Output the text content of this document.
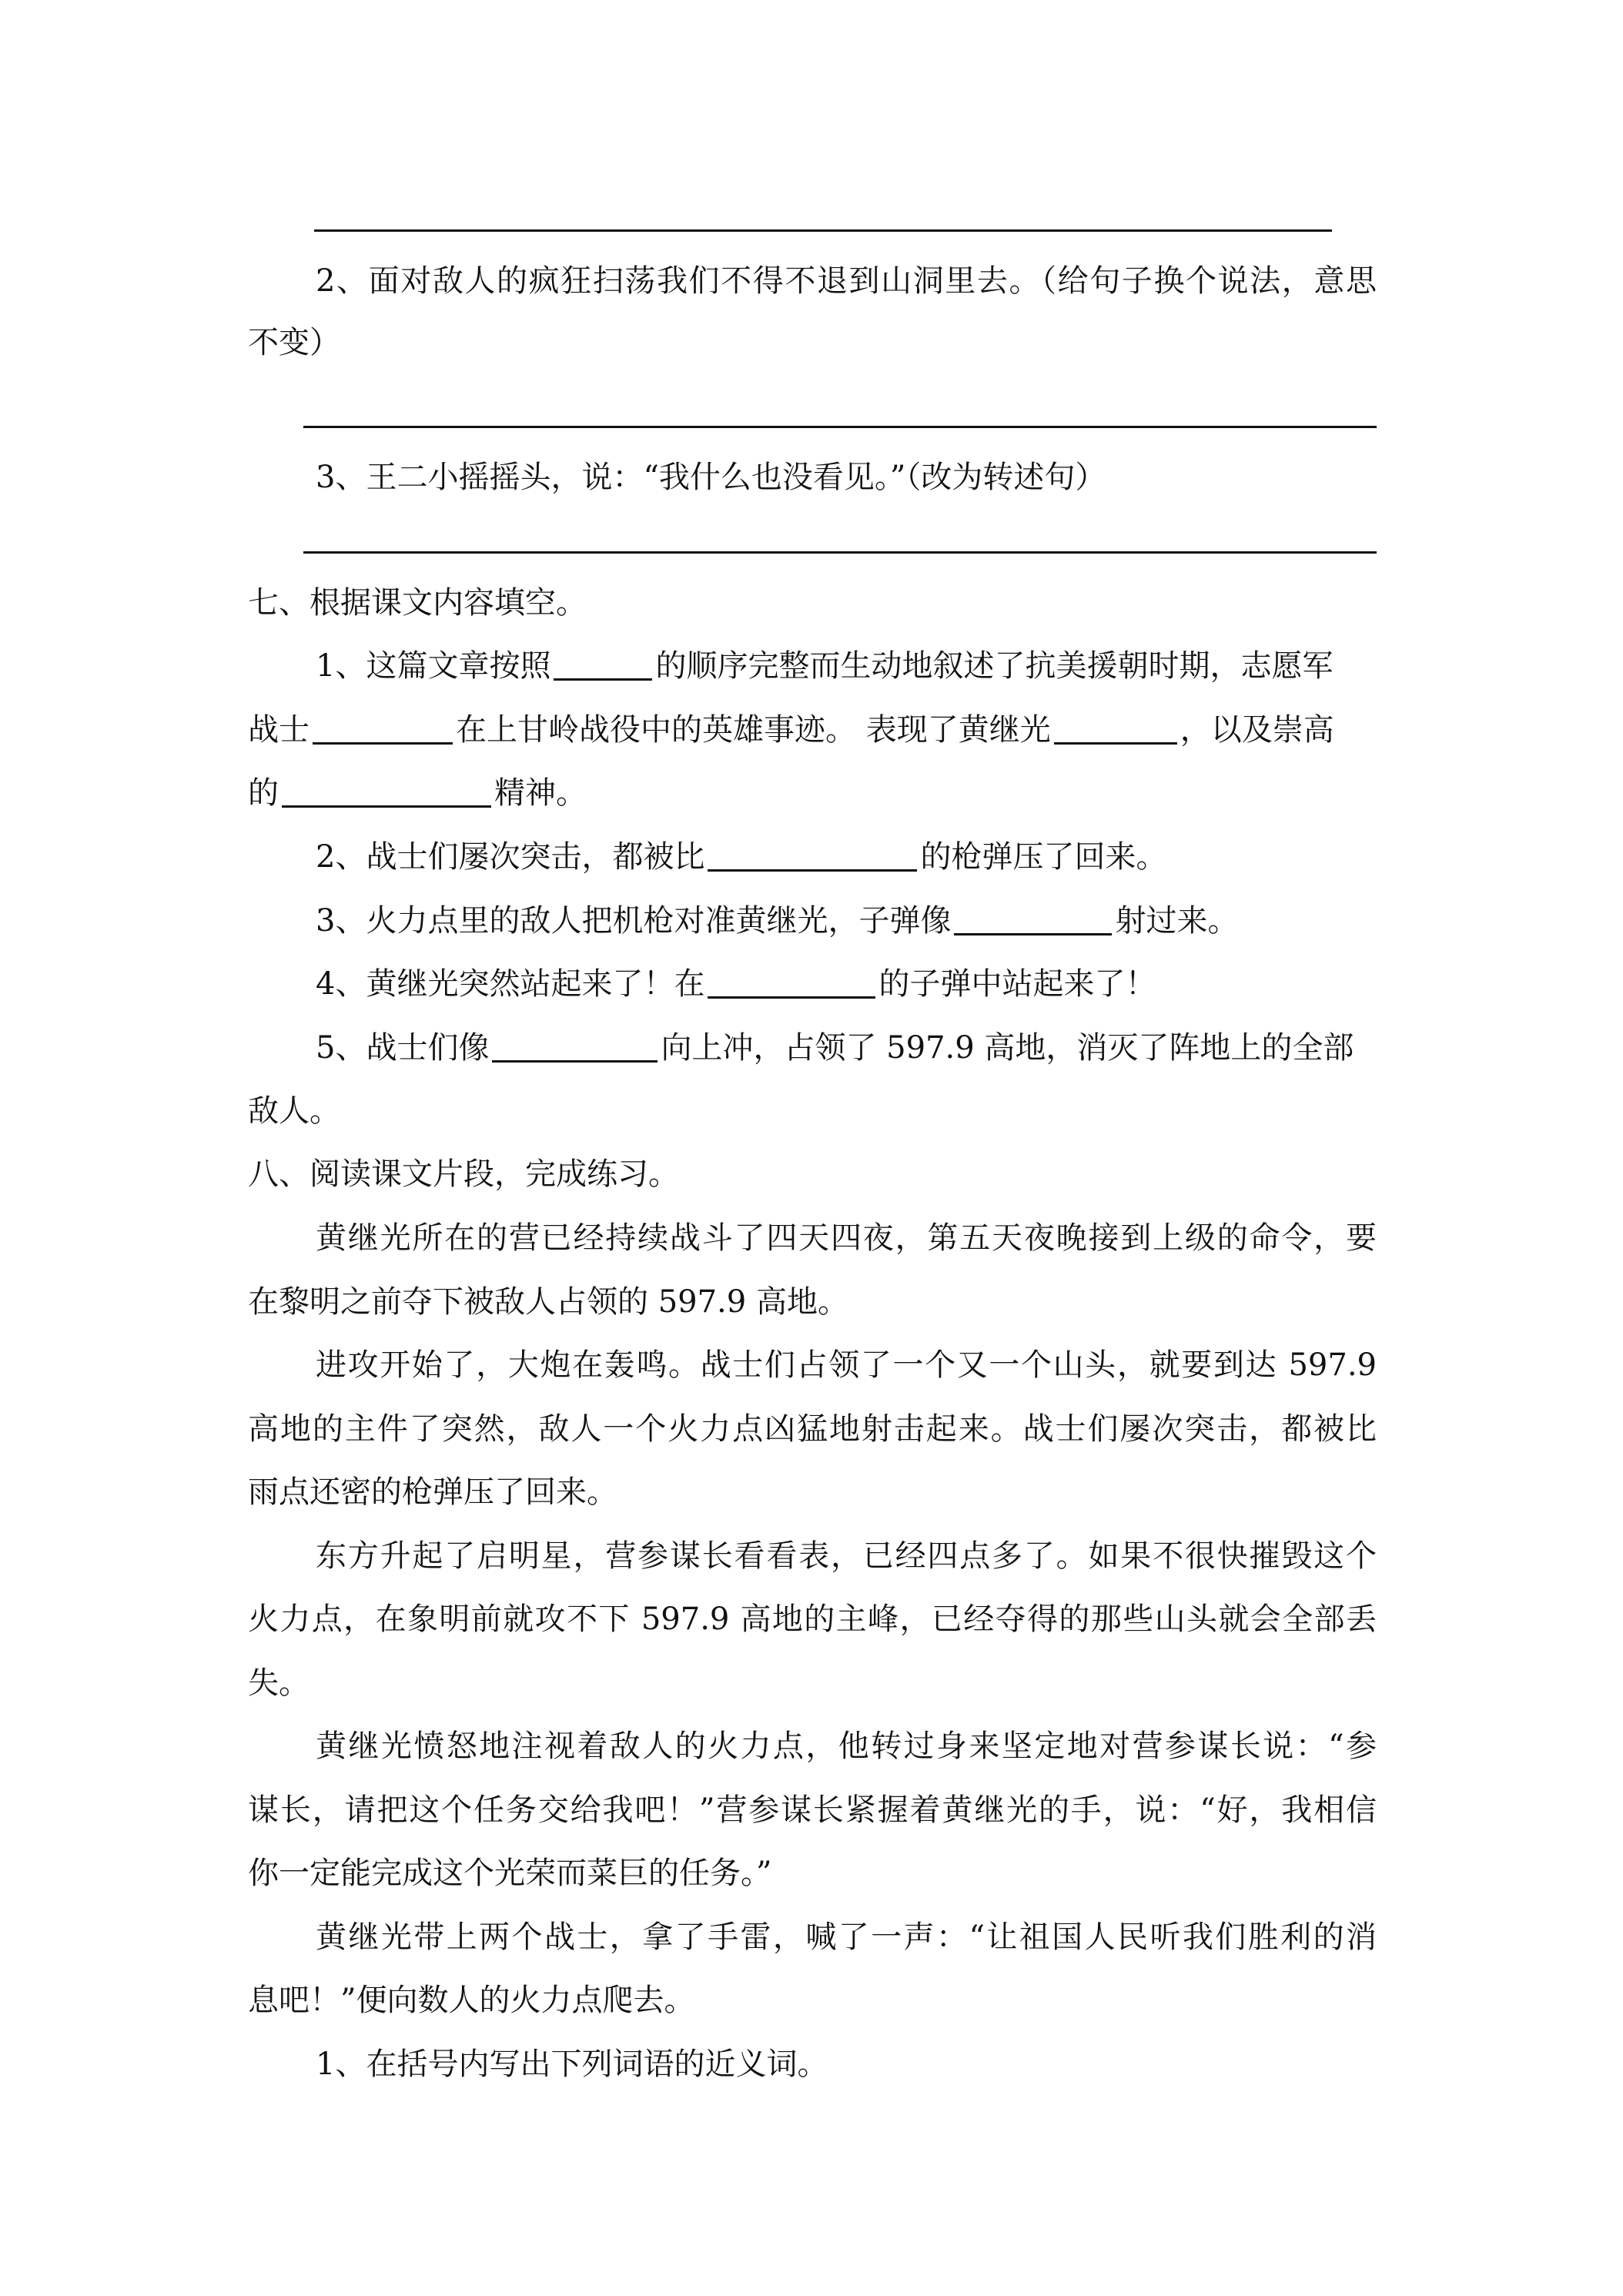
2、面对敌人的疯狂扫荡我们不得不退到山洞里去。（给句子换个说法，意思
不变）
3、王二小摇摇头，说：“我什么也没看见。”（改为转述句）
七、根据课文内容填空。
1、这篇文章按照	的顺序完整而生动地叙述了抗美援朝时期，志愿军
战士	在上甘岭战役中的英雄事迹。 表现了黄继光	，以及崇高
的	精神。
2、战士们屡次突击，都被比	的枪弹压了回来。
3、火力点里的敌人把机枪对准黄继光，子弹像	射过来。
4、黄继光突然站起来了！在	的子弹中站起来了！
5、战士们像	向上冲，占领了 597.9 高地，消灭了阵地上的全部
敌人。
八、阅读课文片段，完成练习。
黄继光所在的营已经持续战斗了四天四夜，第五天夜晚接到上级的命令，要
在黎明之前夺下被敌人占领的 597.9 高地。
进攻开始了，大炮在轰鸣。战士们占领了一个又一个山头，就要到达 597.9
高地的主件了突然，敌人一个火力点凶猛地射击起来。战士们屡次突击，都被比
雨点还密的枪弹压了回来。
东方升起了启明星，营参谋长看看表，已经四点多了。如果不很快摧毁这个
火力点，在象明前就攻不下 597.9 高地的主峰，已经夺得的那些山头就会全部丢
失。
黄继光愤怒地注视着敌人的火力点，他转过身来坚定地对营参谋长说：“参
谋长，请把这个任务交给我吧！”营参谋长紧握着黄继光的手，说：“好，我相信
你一定能完成这个光荣而菜巨的任务。”
黄继光带上两个战士，拿了手雷，喊了一声：“让祖国人民听我们胜利的消
息吧！”便向数人的火力点爬去。
1、在括号内写出下列词语的近义词。
